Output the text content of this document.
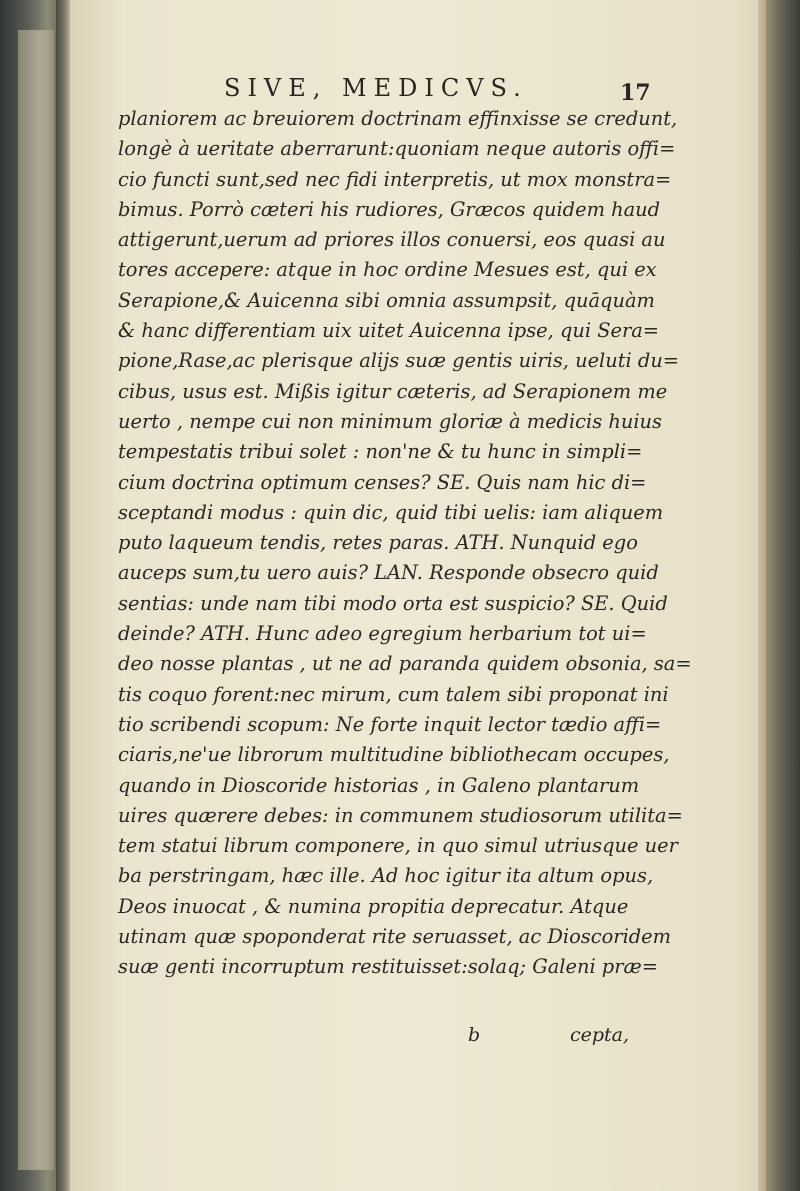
SIVE, MEDICVS.	17
planiorem ac breuiorem doctrinam effinxisse se credunt,
longè à ueritate aberrarunt:quoniam neque autoris offi=
cio functi sunt,sed nec fidi interpretis, ut mox monstra=
bimus. Porrò cæteri his rudiores, Græcos quidem haud
attigerunt,uerum ad priores illos conuersi, eos quasi au
tores accepere: atque in hoc ordine Mesues est, qui ex
Serapione,& Auicenna sibi omnia assumpsit, quāquàm
& hanc differentiam uix uitet Auicenna ipse, qui Sera=
pione,Rase,ac plerisque alijs suæ gentis uiris, ueluti du=
cibus, usus est. Mißis igitur cæteris, ad Serapionem me
uerto , nempe cui non minimum gloriæ à medicis huius
tempestatis tribui solet : non'ne & tu hunc in simpli=
cium doctrina optimum censes? SE. Quis nam hic di=
sceptandi modus : quin dic, quid tibi uelis: iam aliquem
puto laqueum tendis, retes paras. ATH. Nunquid ego
auceps sum,tu uero auis? LAN. Responde obsecro quid
sentias: unde nam tibi modo orta est suspicio? SE. Quid
deinde? ATH. Hunc adeo egregium herbarium tot ui=
deo nosse plantas , ut ne ad paranda quidem obsonia, sa=
tis coquo forent:nec mirum, cum talem sibi proponat ini
tio scribendi scopum: Ne forte inquit lector tædio affi=
ciaris,ne'ue librorum multitudine bibliothecam occupes,
quando in Dioscoride historias , in Galeno plantarum
uires quærere debes: in communem studiosorum utilita=
tem statui librum componere, in quo simul utriusque uer
ba perstringam, hæc ille. Ad hoc igitur ita altum opus,
Deos inuocat , & numina propitia deprecatur. Atque
utinam quæ spoponderat rite seruasset, ac Dioscoridem
suæ genti incorruptum restituisset:solaq; Galeni præ=
b	cepta,
